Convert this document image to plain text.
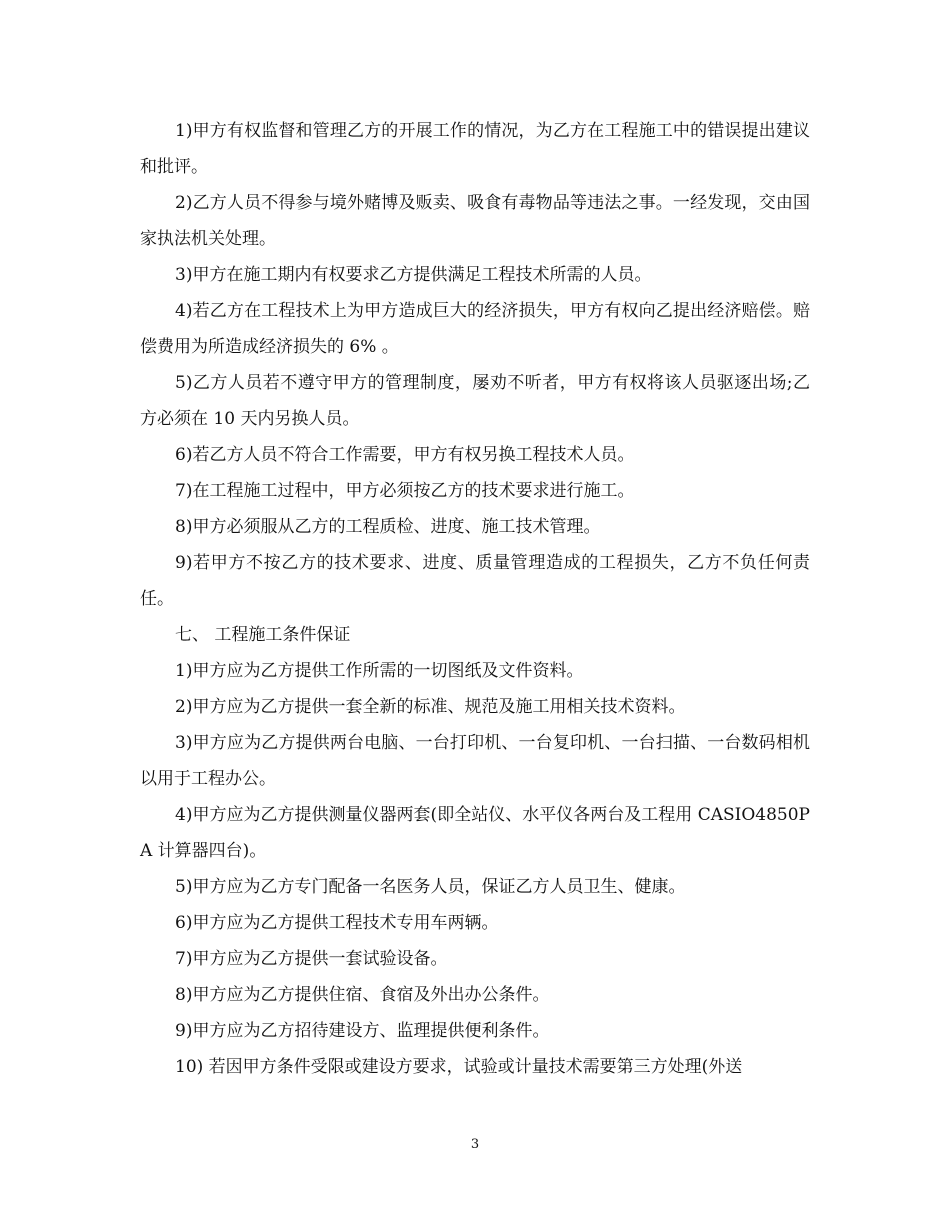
1)甲方有权监督和管理乙方的开展工作的情况，为乙方在工程施工中的错误提出建议和批评。

2)乙方人员不得参与境外赌博及贩卖、吸食有毒物品等违法之事。一经发现，交由国家执法机关处理。

3)甲方在施工期内有权要求乙方提供满足工程技术所需的人员。

4)若乙方在工程技术上为甲方造成巨大的经济损失，甲方有权向乙提出经济赔偿。赔偿费用为所造成经济损失的 6% 。

5)乙方人员若不遵守甲方的管理制度，屡劝不听者，甲方有权将该人员驱逐出场;乙方必须在 10 天内另换人员。

6)若乙方人员不符合工作需要，甲方有权另换工程技术人员。

7)在工程施工过程中，甲方必须按乙方的技术要求进行施工。

8)甲方必须服从乙方的工程质检、进度、施工技术管理。

9)若甲方不按乙方的技术要求、进度、质量管理造成的工程损失，乙方不负任何责任。

七、 工程施工条件保证

1)甲方应为乙方提供工作所需的一切图纸及文件资料。

2)甲方应为乙方提供一套全新的标准、规范及施工用相关技术资料。

3)甲方应为乙方提供两台电脑、一台打印机、一台复印机、一台扫描、一台数码相机以用于工程办公。

4)甲方应为乙方提供测量仪器两套(即全站仪、水平仪各两台及工程用 CASIO4850PA 计算器四台)。

5)甲方应为乙方专门配备一名医务人员，保证乙方人员卫生、健康。

6)甲方应为乙方提供工程技术专用车两辆。

7)甲方应为乙方提供一套试验设备。

8)甲方应为乙方提供住宿、食宿及外出办公条件。

9)甲方应为乙方招待建设方、监理提供便利条件。

10) 若因甲方条件受限或建设方要求，试验或计量技术需要第三方处理(外送

3
